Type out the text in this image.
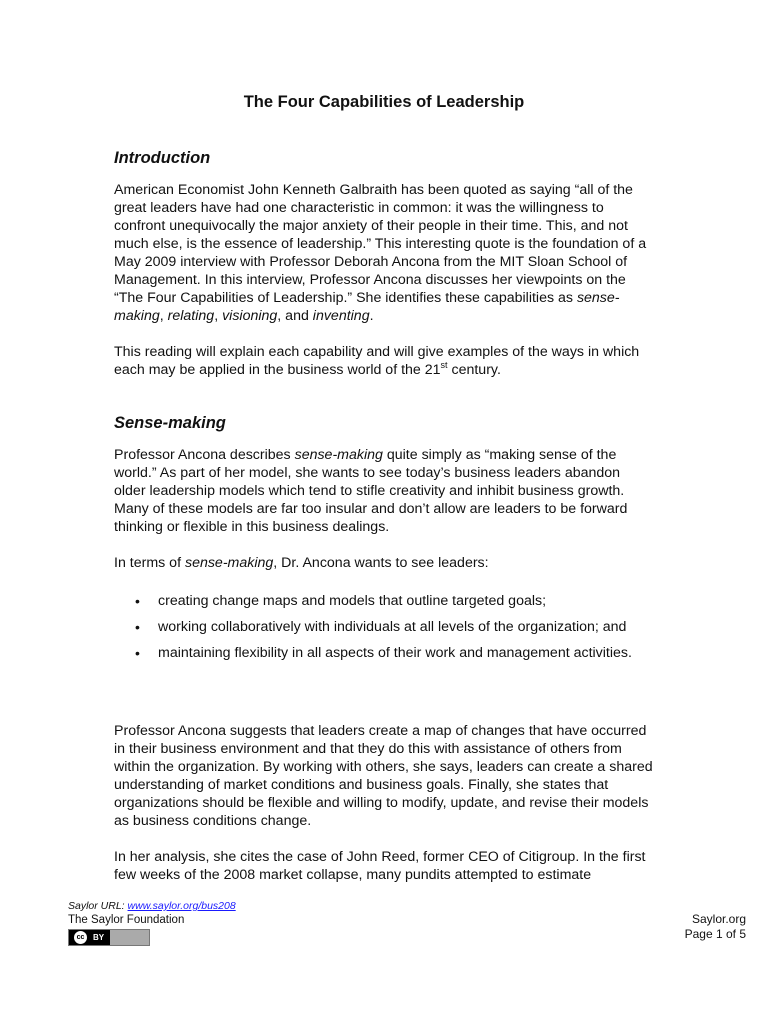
The Four Capabilities of Leadership
Introduction
American Economist John Kenneth Galbraith has been quoted as saying “all of the great leaders have had one characteristic in common: it was the willingness to confront unequivocally the major anxiety of their people in their time. This, and not much else, is the essence of leadership.” This interesting quote is the foundation of a May 2009 interview with Professor Deborah Ancona from the MIT Sloan School of Management. In this interview, Professor Ancona discusses her viewpoints on the “The Four Capabilities of Leadership.” She identifies these capabilities as sense-making, relating, visioning, and inventing.
This reading will explain each capability and will give examples of the ways in which each may be applied in the business world of the 21st century.
Sense-making
Professor Ancona describes sense-making quite simply as “making sense of the world.” As part of her model, she wants to see today’s business leaders abandon older leadership models which tend to stifle creativity and inhibit business growth. Many of these models are far too insular and don’t allow are leaders to be forward thinking or flexible in this business dealings.
In terms of sense-making, Dr. Ancona wants to see leaders:
• creating change maps and models that outline targeted goals;
• working collaboratively with individuals at all levels of the organization; and
• maintaining flexibility in all aspects of their work and management activities.
Professor Ancona suggests that leaders create a map of changes that have occurred in their business environment and that they do this with assistance of others from within the organization. By working with others, she says, leaders can create a shared understanding of market conditions and business goals. Finally, she states that organizations should be flexible and willing to modify, update, and revise their models as business conditions change.
In her analysis, she cites the case of John Reed, former CEO of Citigroup. In the first few weeks of the 2008 market collapse, many pundits attempted to estimate
Saylor URL: www.saylor.org/bus208
The Saylor Foundation
cc	BY
Saylor.org
Page 1 of 5
